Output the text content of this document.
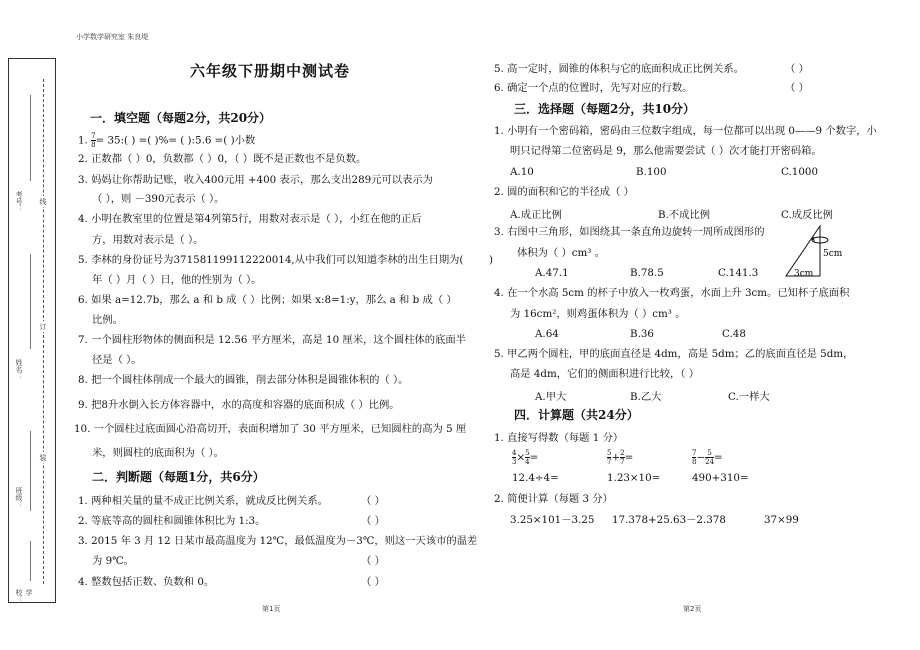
小学数学研究室 朱良堤
考号：
姓名：
班级：
学校：
线
订
装
六年级下册期中测试卷
一．填空题（每题2分，共20分）
1. $\frac{7}{8}$ = 35:( ) =( )%= ( ):5.6 =( )小数
2. 正数都（ ）0，负数都（ ）0，（ ）既不是正数也不是负数。
3. 妈妈让你帮助记账，收入400元用 +400 表示，那么支出289元可以表示为
（ ），则 －390元表示（ ）。
4. 小明在教室里的位置是第4列第5行，用数对表示是（ ），小红在他的正后
方，用数对表示是（ ）。
5. 李林的身份证号为371581199112220014,从中我们可以知道李林的出生日期为( )
年（ ）月（ ）日，他的性别为（ ）。
6. 如果 a=12.7b，那么 a 和 b 成（ ）比例；如果 x:8=1:y，那么 a 和 b 成（ ）
比例。
7. 一个圆柱形物体的侧面积是 12.56 平方厘米，高是 10 厘米，这个圆柱体的底面半
径是（ ）。
8. 把一个圆柱体削成一个最大的圆锥，削去部分体积是圆锥体积的（ ）。
9. 把8升水倒入长方体容器中，水的高度和容器的底面积成（ ）比例。
10. 一个圆柱过底面圆心沿高切开，表面积增加了 30 平方厘米，已知圆柱的高为 5 厘
米，则圆柱的底面积为（ ）。
二．判断题（每题1分，共6分）
1. 两种相关量的量不成正比例关系，就成反比例关系。	（ ）
2. 等底等高的圆柱和圆锥体积比为 1:3。	（ ）
3. 2015 年 3 月 12 日某市最高温度为 12℃，最低温度为－3℃，则这一天该市的温差
为 9℃。	（ ）
4. 整数包括正数、负数和 0。	（ ）
第1页
5. 高一定时，圆锥的体积与它的底面积成正比例关系。	（ ）
6. 确定一个点的位置时，先写对应的行数。	（ ）
三．选择题（每题2分，共10分）
1. 小明有一个密码箱，密码由三位数字组成，每一位都可以出现 0——9 个数字，小
明只记得第二位密码是 9，那么他需要尝试（ ）次才能打开密码箱。
A.10	B.100	C.1000
2. 圆的面积和它的半径成（ ）
A.成正比例	B.不成比例	C.成反比例
3. 右图中三角形，如图绕其一条直角边旋转一周所成图形的
体积为（ ）cm³ 。
A.47.1	B.78.5	C.141.3
5cm
3cm
4. 在一个水高 5cm 的杯子中放入一枚鸡蛋，水面上升 3cm。已知杯子底面积
为 16cm²，则鸡蛋体积为（ ）cm³ 。
A.64	B.36	C.48
5. 甲乙两个圆柱，甲的底面直径是 4dm，高是 5dm；乙的底面直径是 5dm，
高是 4dm，它们的侧面积进行比较，（ ）
A.甲大	B.乙大	C.一样大
四．计算题（共24分）
1. 直接写得数（每题 1 分）
$\frac{4}{3} \times \frac{5}{4}$ =	$\frac{5}{7} + \frac{2}{7}$ =	$\frac{7}{8} - \frac{5}{24}$ =
12.4÷4=	1.23×10=	490+310=
2. 简便计算（每题 3 分）
3.25×101－3.25 17.378+25.63－2.378	37×99
第2页
